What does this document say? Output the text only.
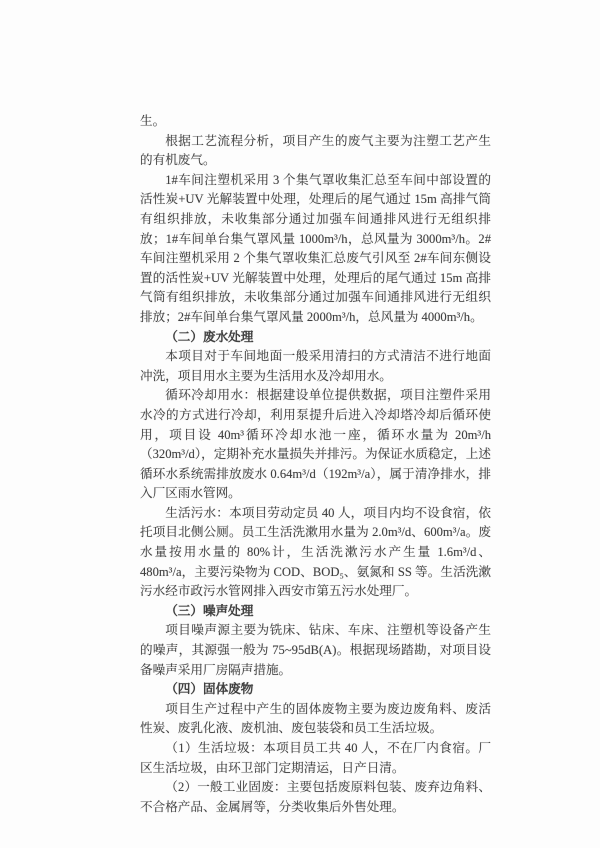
生。

根据工艺流程分析，项目产生的废气主要为注塑工艺产生的有机废气。

1#车间注塑机采用 3 个集气罩收集汇总至车间中部设置的活性炭+UV 光解装置中处理，处理后的尾气通过 15m 高排气筒有组织排放，未收集部分通过加强车间通排风进行无组织排放；1#车间单台集气罩风量 1000m³/h，总风量为 3000m³/h。2#车间注塑机采用 2 个集气罩收集汇总废气引风至 2#车间东侧设置的活性炭+UV 光解装置中处理，处理后的尾气通过 15m 高排气筒有组织排放，未收集部分通过加强车间通排风进行无组织排放；2#车间单台集气罩风量 2000m³/h，总风量为 4000m³/h。

（二）废水处理

本项目对于车间地面一般采用清扫的方式清洁不进行地面冲洗，项目用水主要为生活用水及冷却用水。

循环冷却用水：根据建设单位提供数据，项目注塑件采用水冷的方式进行冷却，利用泵提升后进入冷却塔冷却后循环使用，项目设 40m³循环冷却水池一座，循环水量为 20m³/h（320m³/d），定期补充水量损失并排污。为保证水质稳定，上述循环水系统需排放废水 0.64m³/d（192m³/a），属于清净排水，排入厂区雨水管网。

生活污水：本项目劳动定员 40 人，项目内均不设食宿，依托项目北侧公厕。员工生活洗漱用水量为 2.0m³/d、600m³/a。废水量按用水量的 80%计，生活洗漱污水产生量 1.6m³/d、480m³/a，主要污染物为 COD、BOD₅、氨氮和 SS 等。生活洗漱污水经市政污水管网排入西安市第五污水处理厂。

（三）噪声处理

项目噪声源主要为铣床、钻床、车床、注塑机等设备产生的噪声，其源强一般为 75~95dB(A)。根据现场踏勘，对项目设备噪声采用厂房隔声措施。

（四）固体废物

项目生产过程中产生的固体废物主要为废边废角料、废活性炭、废乳化液、废机油、废包装袋和员工生活垃圾。

（1）生活垃圾：本项目员工共 40 人，不在厂内食宿。厂区生活垃圾，由环卫部门定期清运，日产日清。

（2）一般工业固废：主要包括废原料包装、废弃边角料、不合格产品、金属屑等，分类收集后外售处理。
